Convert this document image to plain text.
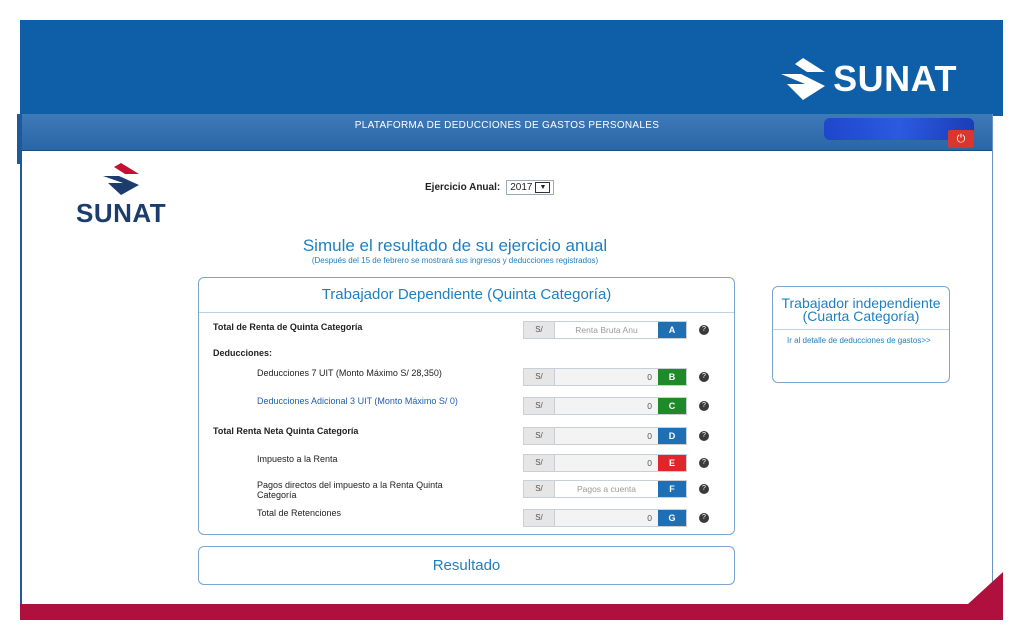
SUNAT
PLATAFORMA DE DEDUCCIONES DE GASTOS PERSONALES
⏻
SUNAT
Ejercicio Anual: 2017	▼
Simule el resultado de su ejercicio anual
(Después del 15 de febrero se mostrará sus ingresos y deducciones registrados)
Trabajador Dependiente (Quinta Categoría)
Total de Renta de Quinta Categoría	S/	Renta Bruta Anu	A	?
Deducciones:
Deducciones 7 UIT (Monto Máximo S/ 28,350)	S/	0	B	?
Deducciones Adicional 3 UIT (Monto Máximo S/ 0)	S/	0	C	?
Total Renta Neta Quinta Categoría	S/	0	D	?
Impuesto a la Renta	S/	0	E	?
Pagos directos del impuesto a la Renta Quinta Categoría
S/	Pagos a cuenta	F	?
Total de Retenciones	S/	0	G	?
Trabajador independiente (Cuarta Categoría)
Ir al detalle de deducciones de gastos>>
Resultado
